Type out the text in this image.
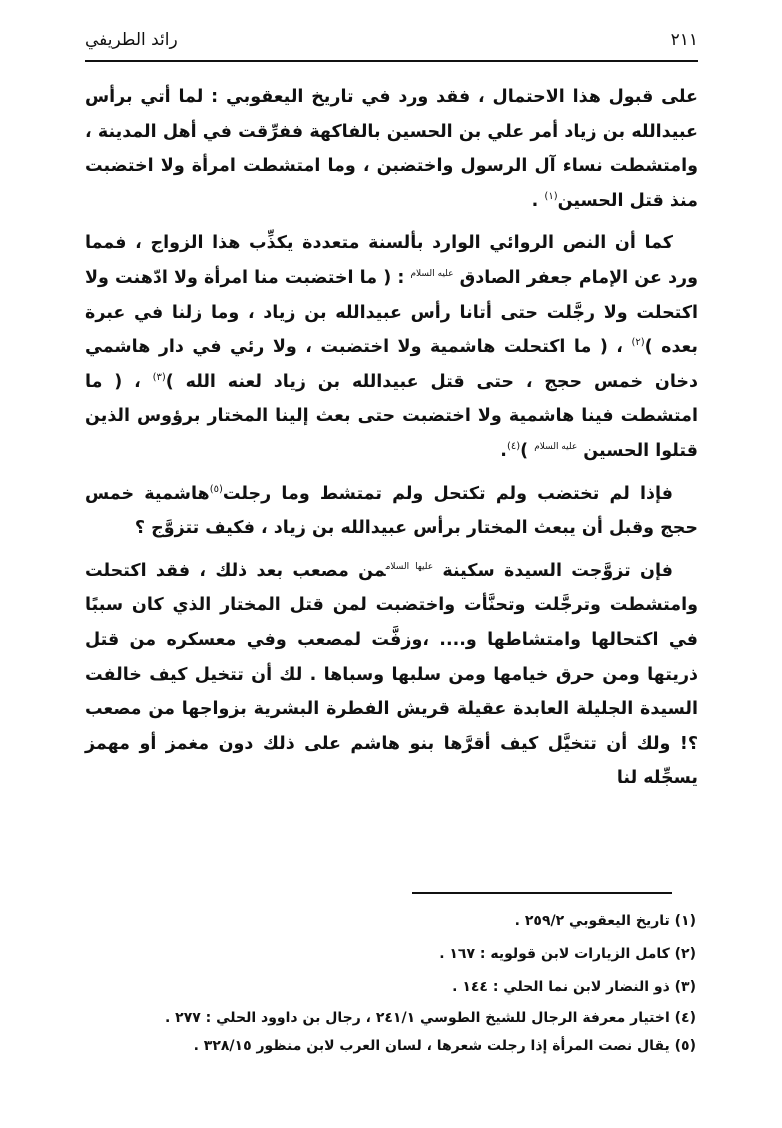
٢١١
رائد الطريفي

على قبول هذا الاحتمال ، فقد ورد في تاريخ اليعقوبي : لما أتي برأس عبيدالله بن زياد أمر علي بن الحسين بالفاكهة ففرِّقت في أهل المدينة ، وامتشطت نساء آل الرسول واختضبن ، وما امتشطت امرأة ولا اختضبت منذ قتل الحسين$^{(١)}$ .

كما أن النص الروائي الوارد بألسنة متعددة يكذِّب هذا الزواج ، فمما ورد عن الإمام جعفر الصادق $^{عليه السلام}$ : ( ما اختضبت منا امرأة ولا ادّهنت ولا اكتحلت ولا رجَّلت حتى أتانا رأس عبيدالله بن زياد ، وما زلنا في عبرة بعده )$^{(٢)}$ ، ( ما اكتحلت هاشمية ولا اختضبت ، ولا رئي في دار هاشمي دخان خمس حجج ، حتى قتل عبيدالله بن زياد لعنه الله )$^{(٣)}$ ، ( ما امتشطت فينا هاشمية ولا اختضبت حتى بعث إلينا المختار برؤوس الذين قتلوا الحسين $^{عليه السلام}$ )$^{(٤)}$.

فإذا لم تختضب ولم تكتحل ولم تمتشط وما رجلت$^{(٥)}$هاشمية خمس حجج وقبل أن يبعث المختار برأس عبيدالله بن زياد ، فكيف تتزوَّج ؟

فإن تزوَّجت السيدة سكينة $^{عليها السلام}$من مصعب بعد ذلك ، فقد اكتحلت وامتشطت وترجَّلت وتحنَّأت واختضبت لمن قتل المختار الذي كان سببًا في اكتحالها وامتشاطها و.... ،وزفَّت لمصعب وفي معسكره من قتل ذريتها ومن حرق خيامها ومن سلبها وسباها . لك أن تتخيل كيف خالفت السيدة الجليلة العابدة عقيلة قريش الفطرة البشرية بزواجها من مصعب ؟! ولك أن تتخيَّل كيف أقرَّها بنو هاشم على ذلك دون مغمز أو مهمز يسجِّله لنا

(١) تاريخ اليعقوبي ٢٥٩/٢ .

(٢) كامل الزيارات لابن قولويه : ١٦٧ .

(٣) ذو النضار لابن نما الحلي : ١٤٤ .

(٤) اختيار معرفة الرجال للشيخ الطوسي ٢٤١/١ ، رجال بن داوود الحلي : ٢٧٧ .

(٥) يقال نصت المرأة إذا رجلت شعرها ، لسان العرب لابن منظور ٣٢٨/١٥ .
